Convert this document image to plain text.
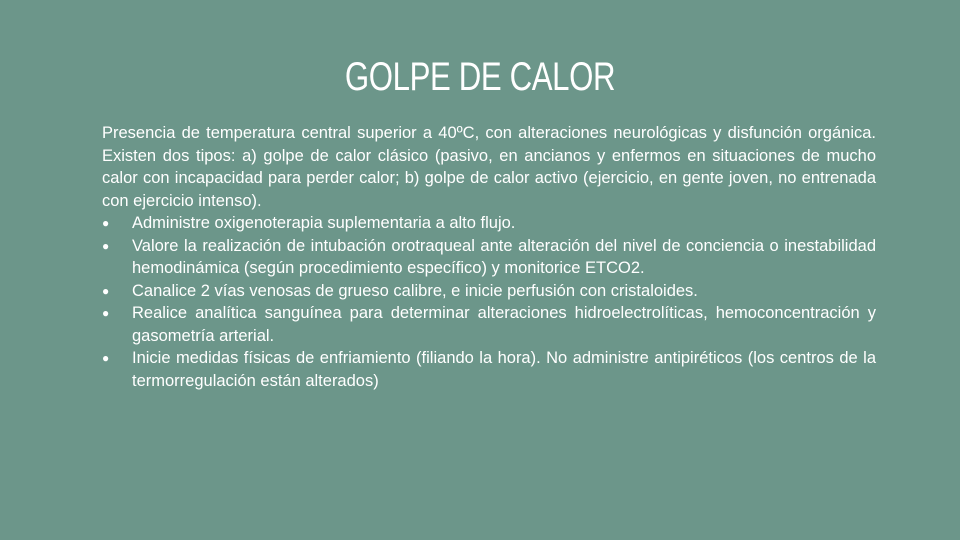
GOLPE DE CALOR

Presencia de temperatura central superior a 40ºC, con alteraciones neurológicas y disfunción orgánica. Existen dos tipos: a) golpe de calor clásico (pasivo, en ancianos y enfermos en situaciones de mucho calor con incapacidad para perder calor; b) golpe de calor activo (ejercicio, en gente joven, no entrenada con ejercicio intenso).

●	Administre oxigenoterapia suplementaria a alto flujo.
●	Valore la realización de intubación orotraqueal ante alteración del nivel de conciencia o inestabilidad hemodinámica (según procedimiento específico) y monitorice ETCO2.
●	Canalice 2 vías venosas de grueso calibre, e inicie perfusión con cristaloides.
●	Realice analítica sanguínea para determinar alteraciones hidroelectrolíticas, hemoconcentración y gasometría arterial.
●	Inicie medidas físicas de enfriamiento (filiando la hora). No administre antipiréticos (los centros de la termorregulación están alterados)
